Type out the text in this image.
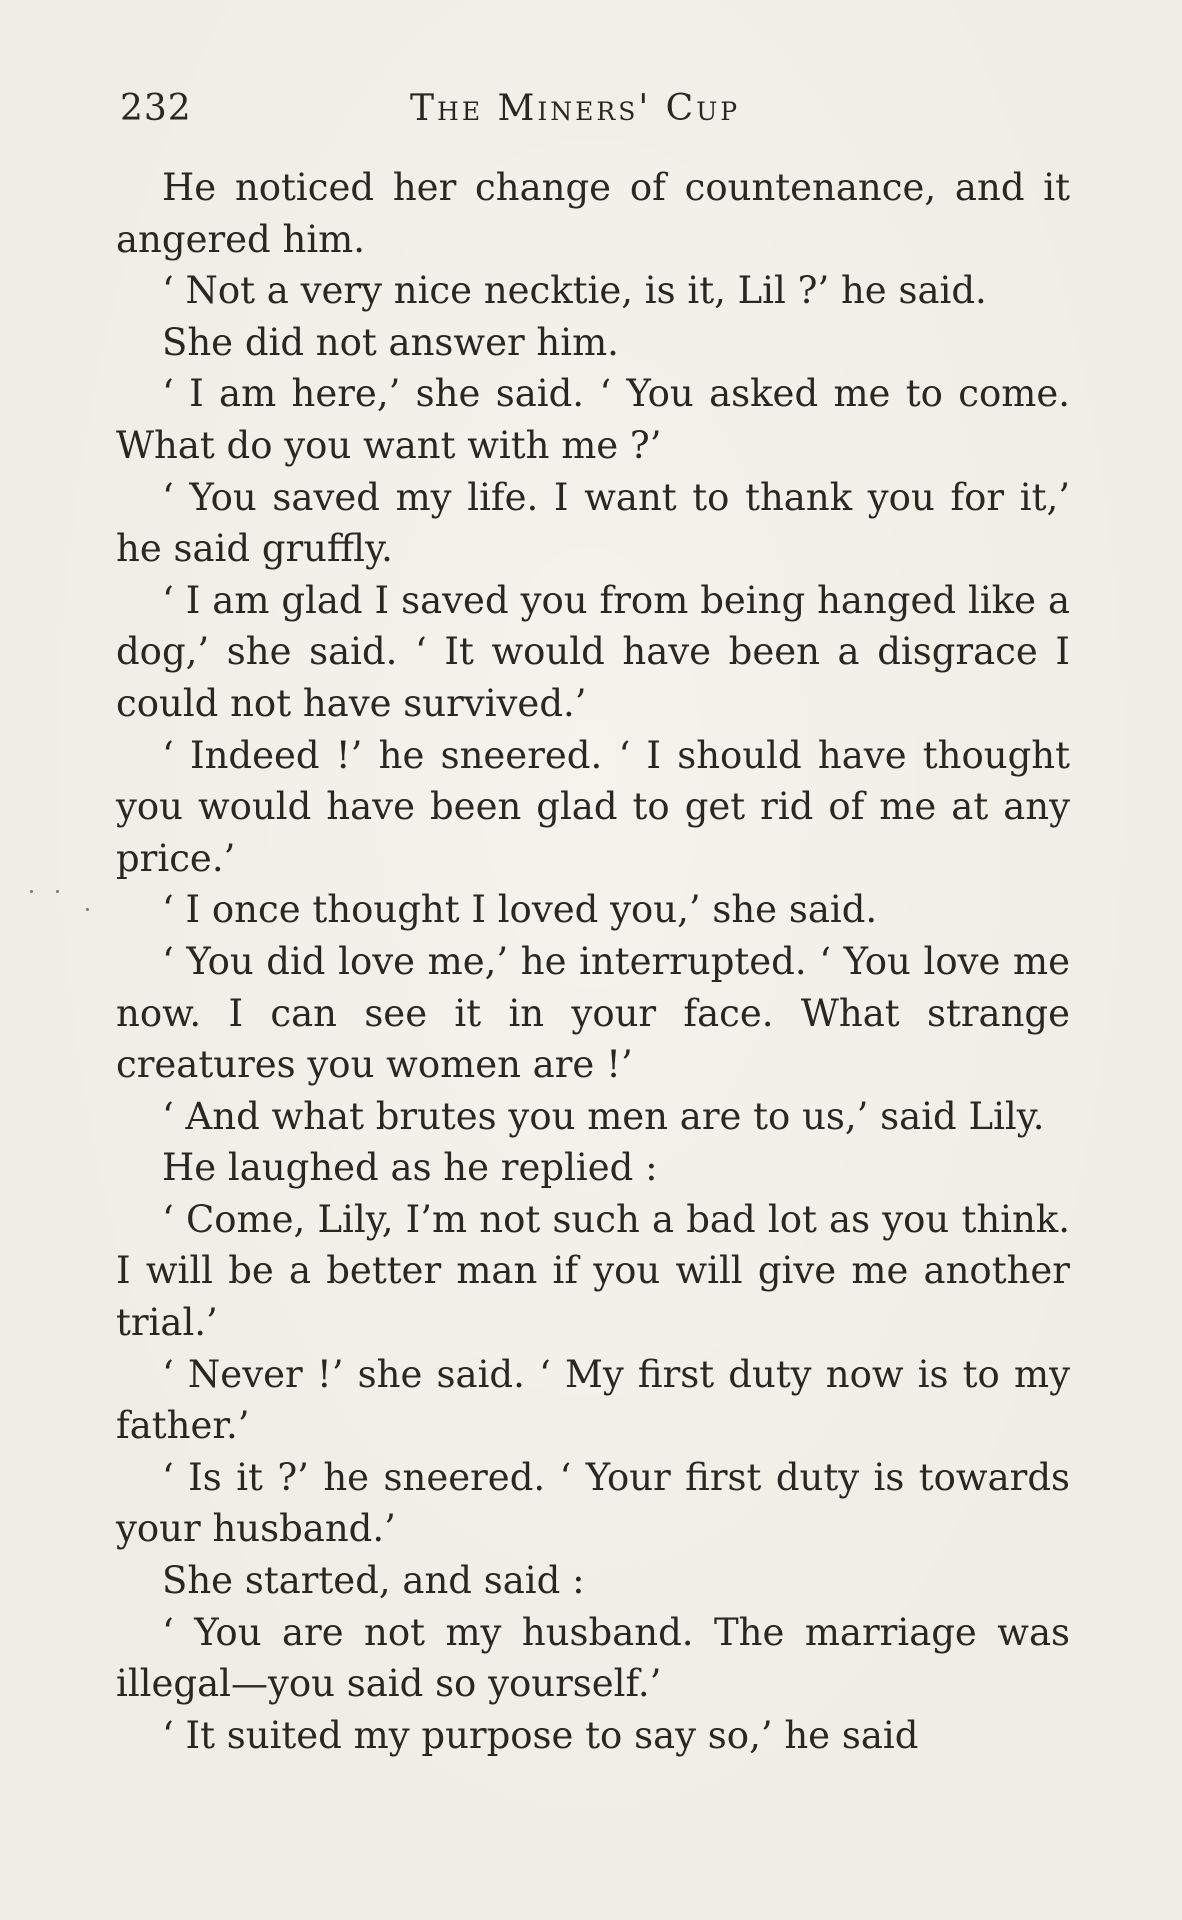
232	The Miners' Cup

He noticed her change of countenance, and it angered him.

‘ Not a very nice necktie, is it, Lil ?’ he said.

She did not answer him.

‘ I am here,’ she said. ‘ You asked me to come. What do you want with me ?’

‘ You saved my life. I want to thank you for it,’ he said gruffly.

‘ I am glad I saved you from being hanged like a dog,’ she said. ‘ It would have been a disgrace I could not have survived.’

‘ Indeed !’ he sneered. ‘ I should have thought you would have been glad to get rid of me at any price.’

‘ I once thought I loved you,’ she said.

‘ You did love me,’ he interrupted. ‘ You love me now. I can see it in your face. What strange creatures you women are !’

‘ And what brutes you men are to us,’ said Lily.

He laughed as he replied :

‘ Come, Lily, I’m not such a bad lot as you think. I will be a better man if you will give me another trial.’

‘ Never !’ she said. ‘ My first duty now is to my father.’

‘ Is it ?’ he sneered. ‘ Your first duty is towards your husband.’

She started, and said :

‘ You are not my husband. The marriage was illegal—you said so yourself.’

‘ It suited my purpose to say so,’ he said
